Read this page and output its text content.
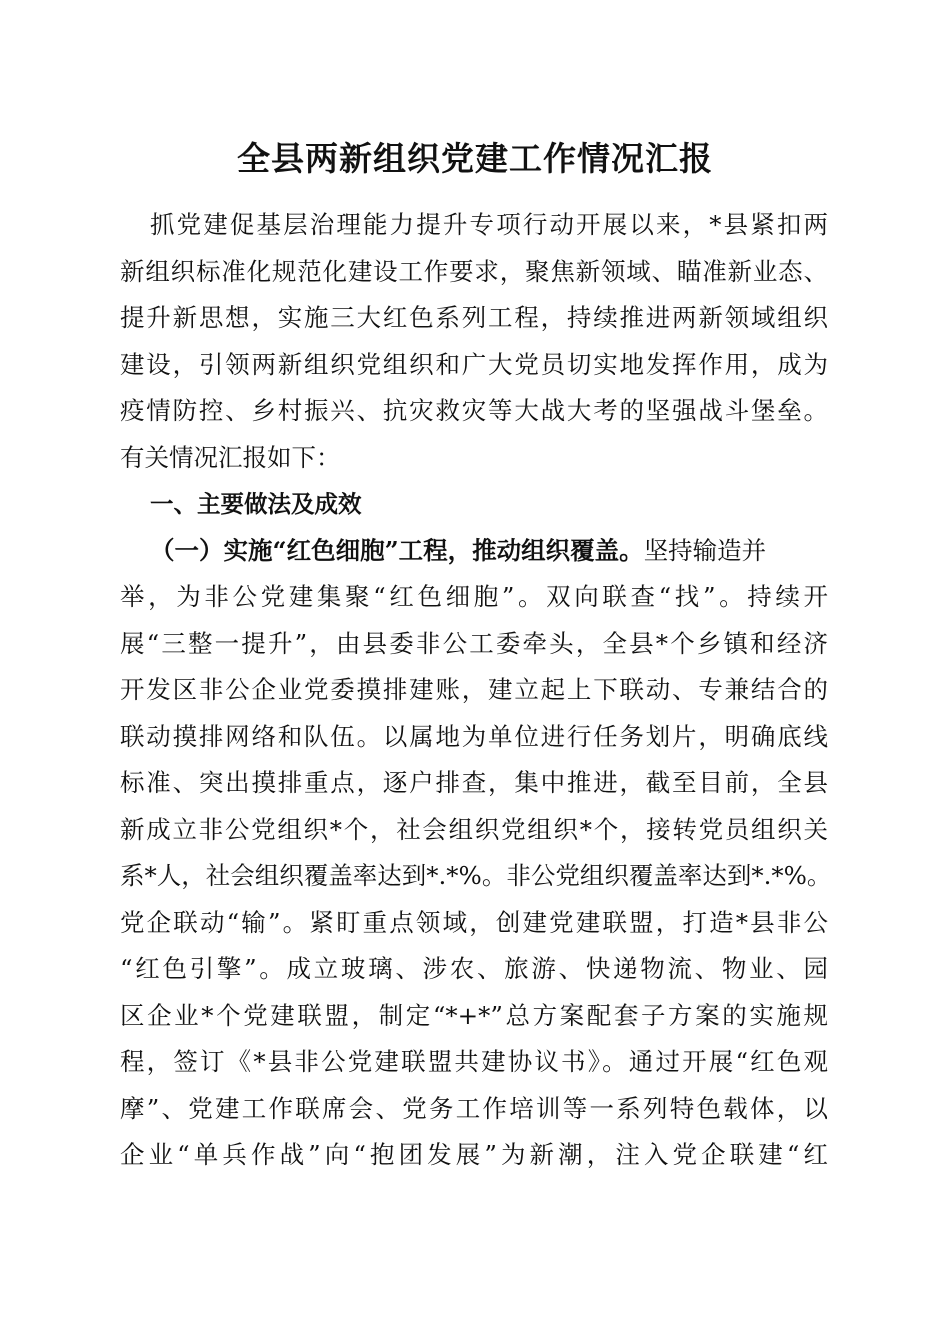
全县两新组织党建工作情况汇报
抓党建促基层治理能力提升专项行动开展以来，*县紧扣两
新组织标准化规范化建设工作要求，聚焦新领域、瞄准新业态、
提升新思想，实施三大红色系列工程，持续推进两新领域组织
建设，引领两新组织党组织和广大党员切实地发挥作用，成为
疫情防控、乡村振兴、抗灾救灾等大战大考的坚强战斗堡垒。
有关情况汇报如下：
一、主要做法及成效
（一）实施“红色细胞”工程，推动组织覆盖。坚持输造并
举，为非公党建集聚“红色细胞”。双向联查“找”。持续开
展“三整一提升”，由县委非公工委牵头，全县*个乡镇和经济
开发区非公企业党委摸排建账，建立起上下联动、专兼结合的
联动摸排网络和队伍。以属地为单位进行任务划片，明确底线
标准、突出摸排重点，逐户排查，集中推进，截至目前，全县
新成立非公党组织*个，社会组织党组织*个，接转党员组织关
系*人，社会组织覆盖率达到*.*%。非公党组织覆盖率达到*.*%。
党企联动“输”。紧盯重点领域，创建党建联盟，打造*县非公
“红色引擎”。成立玻璃、涉农、旅游、快递物流、物业、园
区企业*个党建联盟，制定“*+*”总方案配套子方案的实施规
程，签订《*县非公党建联盟共建协议书》。通过开展“红色观
摩”、党建工作联席会、党务工作培训等一系列特色载体，以
企业“单兵作战”向“抱团发展”为新潮，注入党企联建“红
